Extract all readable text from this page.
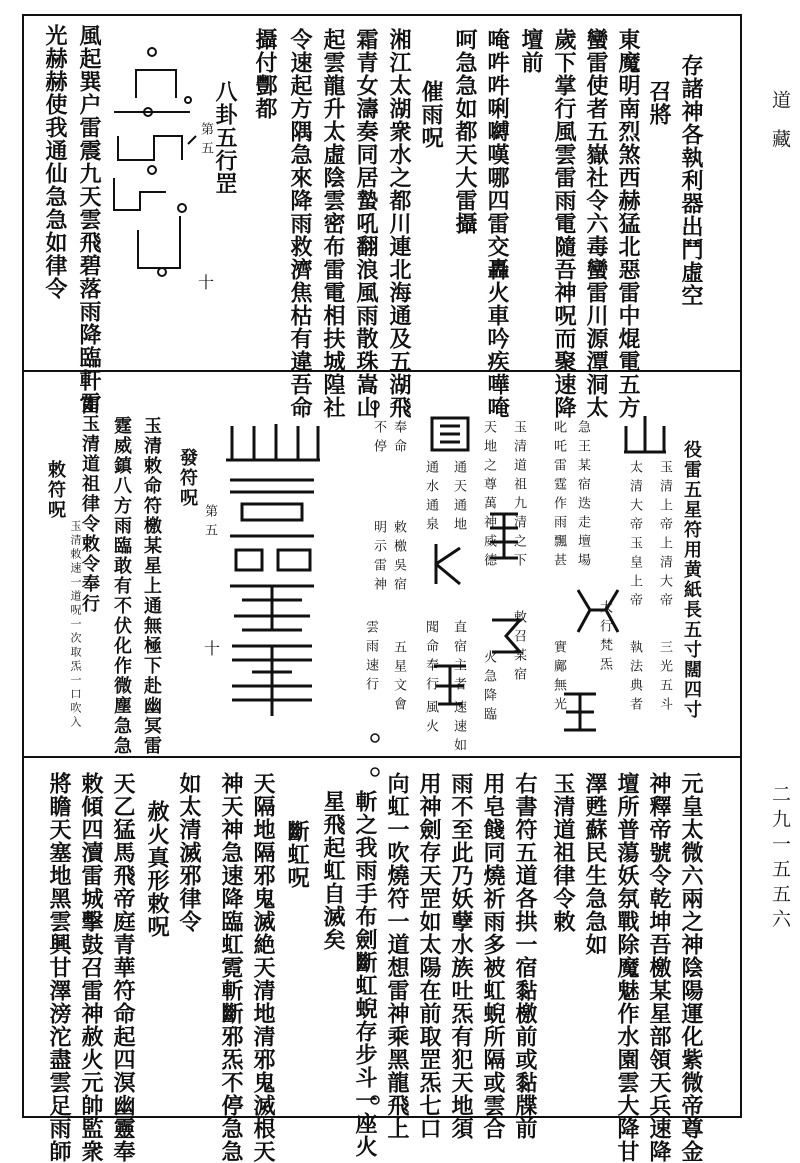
道藏
二九一五五六
存諸神各執利器出鬥虛空
召將
東魔明南烈煞西赫猛北惡雷中焜電五方
蠻雷使者五嶽社令六毒蠻雷川源潭洞太
歲下掌行風雲雷雨電隨吾神呪而聚速降
壇前
唵吽吽唎嚩嘆哪四雷交轟火車吟疾嘩唵
呵急急如都天大雷攝
催雨呪
湘江太湖衆水之都川連北海通及五湖飛
霜青女濤奏同居蟄吼翻浪風雨散珠嵩山
起雲龍升太虛陰雲密布雷電相扶城隍社
令速起方隅急來降雨救濟焦枯有違吾命
攝付酆都
八卦五行罡
第五
十
風起巽户雷震九天雲飛碧落雨降臨軒雷
光赫赫使我通仙急急如律令
役雷五星符用黄紙長五寸闊四寸
玉清上帝上清大帝
三光五斗
太清大帝玉皇上帝
執法典者
大行梵炁
急王某宿迭走壇場
叱吒雷霆作雨飄甚
實鄺無光
玉清道祖九清之下
天地之尊萬神威德
敕召某宿
火急降臨
通天通地
通水通泉
直宿主者
聞命奉行
速速如
風火
奉命
不停
敕檄吳宿
明示雷神
五星文會
雲雨速行
發符呪
第五
十
玉清敕命符檄某星上通無極下赴幽冥雷
霆威鎮八方雨臨敢有不伏化作微塵急急
如玉清道祖律令敕令奉行
敕符呪
玉清敕速一道呪一次取炁一口吹入
元皇太微六兩之神陰陽運化紫微帝尊金
神釋帝號令乾坤吾檄某星部領天兵速降
壇所普蕩妖氛戰除魔魅作水園雲大降甘
澤甦蘇民生急急如
玉清道祖律令敕
右書符五道各拱一宿黏檄前或黏牒前
用皂餞同燒祈雨多被虹蜺所隔或雲合
雨不至此乃妖孽水族吐炁有犯天地須
用神劍存天罡如太陽在前取罡炁七口
向虹一吹燒符一道想雷神乘黑龍飛上
斬之我雨手布劍斷虹蜺存步斗一座火
星飛起虹自滅矣
斷虹呪
天隔地隔邪鬼滅絶天清地清邪鬼滅根天
神天神急速降臨虹霓斬斷邪炁不停急急
如太清滅邪律令
赦火真形敕呪
天乙猛馬飛帝庭青華符命起四溟幽靈奉
敕傾四瀆雷城擊鼓召雷神赦火元帥監衆
將瞻天塞地黑雲興甘澤滂沱盡雲足雨師
